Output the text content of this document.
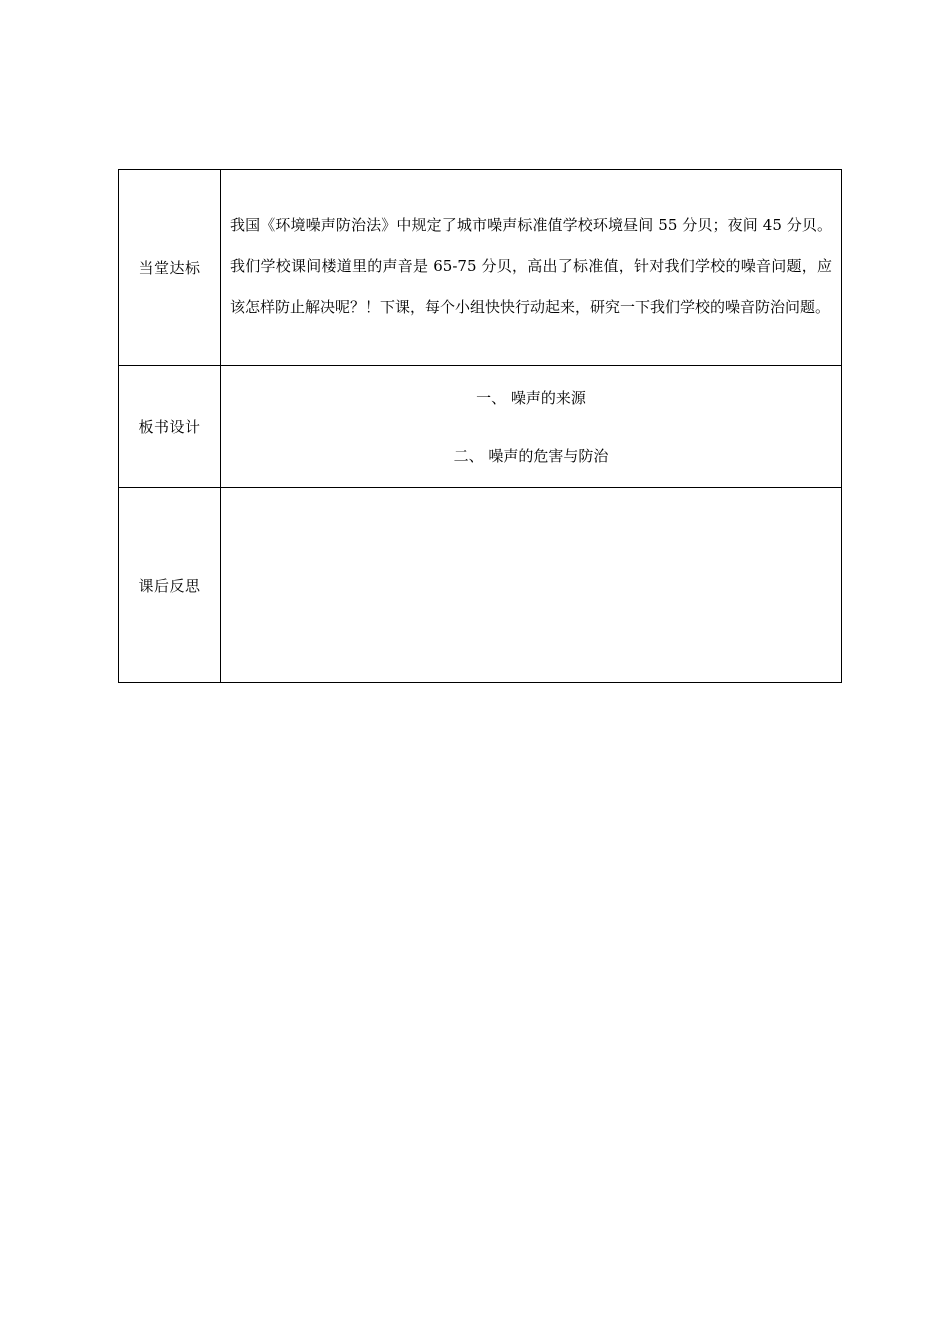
当堂达标	我国《环境噪声防治法》中规定了城市噪声标准值学校环境昼间 55 分贝；夜间 45 分贝。我们学校课间楼道里的声音是 65-75 分贝，高出了标准值，针对我们学校的噪音问题，应该怎样防止解决呢？！下课，每个小组快快行动起来，研究一下我们学校的噪音防治问题。

板书设计	一、 噪声的来源
二、 噪声的危害与防治

课后反思	
